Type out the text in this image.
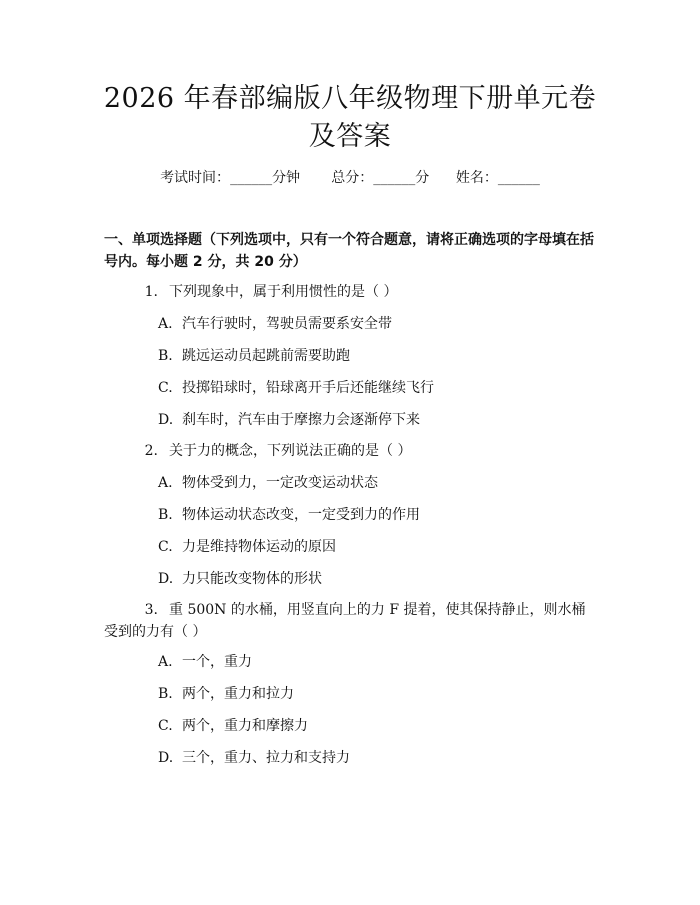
2026 年春部编版八年级物理下册单元卷及答案
考试时间：______分钟 总分：______分 姓名：______
一、单项选择题（下列选项中，只有一个符合题意，请将正确选项的字母填在括号内。每小题 2 分，共 20 分）
1. 下列现象中，属于利用惯性的是（ ）
A. 汽车行驶时，驾驶员需要系安全带
B. 跳远运动员起跳前需要助跑
C. 投掷铅球时，铅球离开手后还能继续飞行
D. 刹车时，汽车由于摩擦力会逐渐停下来
2. 关于力的概念，下列说法正确的是（ ）
A. 物体受到力，一定改变运动状态
B. 物体运动状态改变，一定受到力的作用
C. 力是维持物体运动的原因
D. 力只能改变物体的形状
3. 重 500N 的水桶，用竖直向上的力 F 提着，使其保持静止，则水桶受到的力有（ ）
A. 一个，重力
B. 两个，重力和拉力
C. 两个，重力和摩擦力
D. 三个，重力、拉力和支持力
